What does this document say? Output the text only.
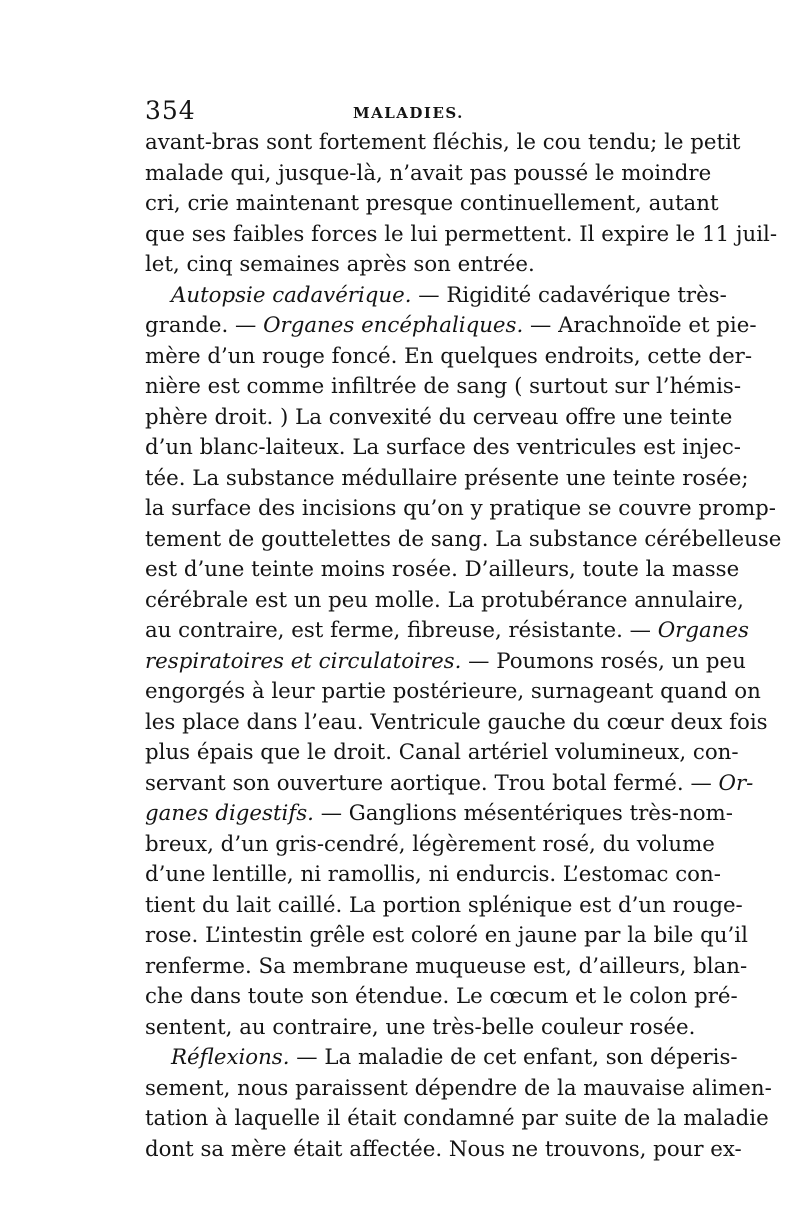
354	MALADIES.
avant-bras sont fortement fléchis, le cou tendu; le petit
malade qui, jusque-là, n’avait pas poussé le moindre
cri, crie maintenant presque continuellement, autant
que ses faibles forces le lui permettent. Il expire le 11 juil-
let, cinq semaines après son entrée.
Autopsie cadavérique. — Rigidité cadavérique très-
grande. — Organes encéphaliques. — Arachnoïde et pie-
mère d’un rouge foncé. En quelques endroits, cette der-
nière est comme infiltrée de sang ( surtout sur l’hémis-
phère droit. ) La convexité du cerveau offre une teinte
d’un blanc-laiteux. La surface des ventricules est injec-
tée. La substance médullaire présente une teinte rosée;
la surface des incisions qu’on y pratique se couvre promp-
tement de gouttelettes de sang. La substance cérébelleuse
est d’une teinte moins rosée. D’ailleurs, toute la masse
cérébrale est un peu molle. La protubérance annulaire,
au contraire, est ferme, fibreuse, résistante. — Organes
respiratoires et circulatoires. — Poumons rosés, un peu
engorgés à leur partie postérieure, surnageant quand on
les place dans l’eau. Ventricule gauche du cœur deux fois
plus épais que le droit. Canal artériel volumineux, con-
servant son ouverture aortique. Trou botal fermé. — Or-
ganes digestifs. — Ganglions mésentériques très-nom-
breux, d’un gris-cendré, légèrement rosé, du volume
d’une lentille, ni ramollis, ni endurcis. L’estomac con-
tient du lait caillé. La portion splénique est d’un rouge-
rose. L’intestin grêle est coloré en jaune par la bile qu’il
renferme. Sa membrane muqueuse est, d’ailleurs, blan-
che dans toute son étendue. Le cœcum et le colon pré-
sentent, au contraire, une très-belle couleur rosée.
Réflexions. — La maladie de cet enfant, son déperis-
sement, nous paraissent dépendre de la mauvaise alimen-
tation à laquelle il était condamné par suite de la maladie
dont sa mère était affectée. Nous ne trouvons, pour ex-
